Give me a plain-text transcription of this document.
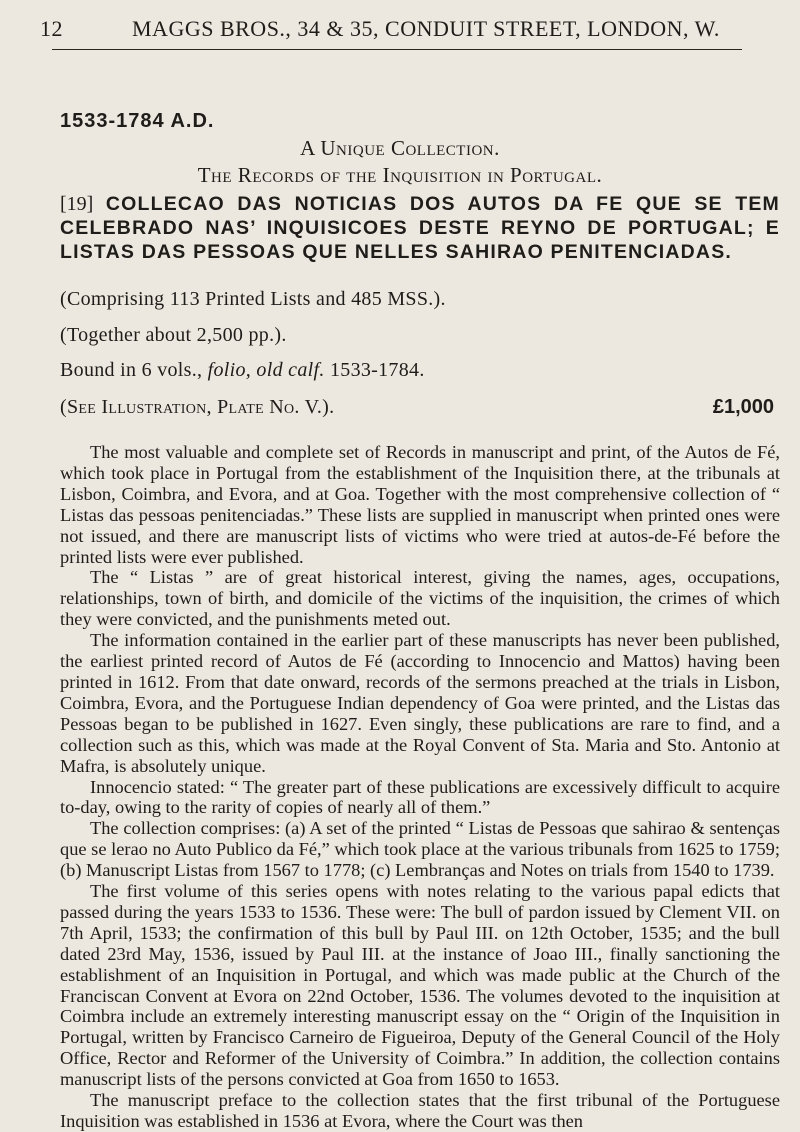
12	MAGGS BROS., 34 & 35, CONDUIT STREET, LONDON, W.
1533-1784 A.D.
A Unique Collection.
The Records of the Inquisition in Portugal.
[19] COLLECAO DAS NOTICIAS DOS AUTOS DA FE QUE SE TEM CELEBRADO NAS’ INQUISICOES DESTE REYNO DE PORTUGAL; E LISTAS DAS PESSOAS QUE NELLES SAHIRAO PENITENCIADAS.
(Comprising 113 Printed Lists and 485 MSS.).
(Together about 2,500 pp.).
Bound in 6 vols., folio, old calf. 1533-1784.
(See Illustration, Plate No. V.).	£1,000

The most valuable and complete set of Records in manuscript and print, of the Autos de Fé, which took place in Portugal from the establishment of the Inquisition there, at the tribunals at Lisbon, Coimbra, and Evora, and at Goa. Together with the most comprehensive collection of “ Listas das pessoas penitenciadas.” These lists are supplied in manuscript when printed ones were not issued, and there are manuscript lists of victims who were tried at autos-de-Fé before the printed lists were ever published.

The “ Listas ” are of great historical interest, giving the names, ages, occupations, relationships, town of birth, and domicile of the victims of the inquisition, the crimes of which they were convicted, and the punishments meted out.

The information contained in the earlier part of these manuscripts has never been published, the earliest printed record of Autos de Fé (according to Innocencio and Mattos) having been printed in 1612. From that date onward, records of the sermons preached at the trials in Lisbon, Coimbra, Evora, and the Portuguese Indian dependency of Goa were printed, and the Listas das Pessoas began to be published in 1627. Even singly, these publications are rare to find, and a collection such as this, which was made at the Royal Convent of Sta. Maria and Sto. Antonio at Mafra, is absolutely unique.

Innocencio stated: “ The greater part of these publications are excessively difficult to acquire to-day, owing to the rarity of copies of nearly all of them.”

The collection comprises: (a) A set of the printed “ Listas de Pessoas que sahirao & sentenças que se lerao no Auto Publico da Fé,” which took place at the various tribunals from 1625 to 1759; (b) Manuscript Listas from 1567 to 1778; (c) Lembranças and Notes on trials from 1540 to 1739.

The first volume of this series opens with notes relating to the various papal edicts that passed during the years 1533 to 1536. These were: The bull of pardon issued by Clement VII. on 7th April, 1533; the confirmation of this bull by Paul III. on 12th October, 1535; and the bull dated 23rd May, 1536, issued by Paul III. at the instance of Joao III., finally sanctioning the establishment of an Inquisition in Portugal, and which was made public at the Church of the Franciscan Convent at Evora on 22nd October, 1536. The volumes devoted to the inquisition at Coimbra include an extremely interesting manuscript essay on the “ Origin of the Inquisition in Portugal, written by Francisco Carneiro de Figueiroa, Deputy of the General Council of the Holy Office, Rector and Reformer of the University of Coimbra.” In addition, the collection contains manuscript lists of the persons convicted at Goa from 1650 to 1653.

The manuscript preface to the collection states that the first tribunal of the Portuguese Inquisition was established in 1536 at Evora, where the Court was then
